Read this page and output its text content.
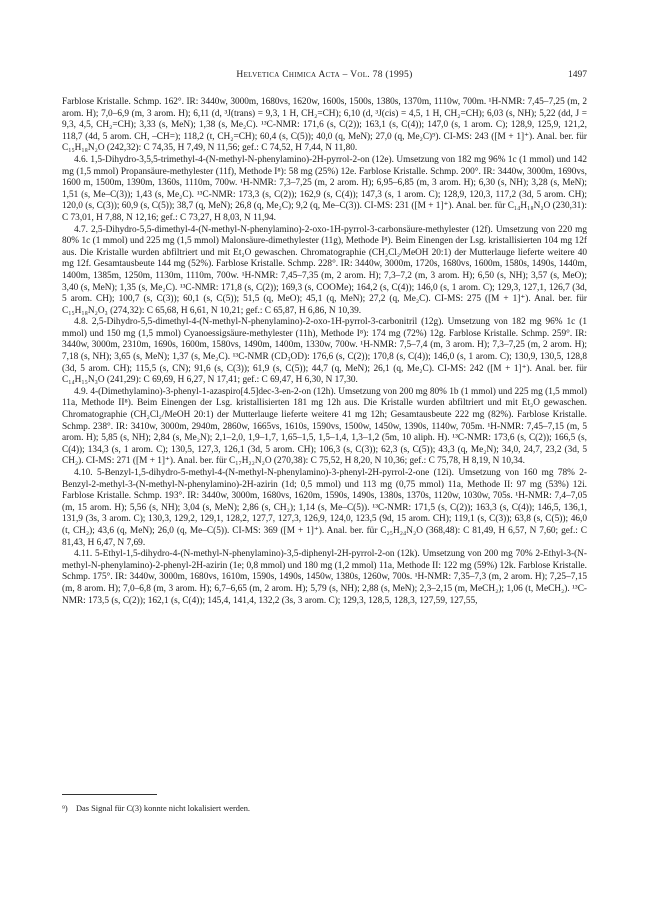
Helvetica Chimica Acta – Vol. 78 (1995)	1497

Farblose Kristalle. Schmp. 162°. IR: 3440w, 3000m, 1680vs, 1620w, 1600s, 1500s, 1380s, 1370m, 1110w, 700m. ¹H-NMR: 7,45–7,25 (m, 2 arom. H); 7,0–6,9 (m, 3 arom. H); 6,11 (d, ³J(trans) = 9,3, 1 H, CH₂=CH); 6,10 (d, ³J(cis) = 4,5, 1 H, CH₂=CH); 6,03 (s, NH); 5,22 (dd, J = 9,3, 4,5, CH₂=CH); 3,33 (s, MeN); 1,38 (s, Me₂C). ¹³C-NMR: 171,6 (s, C(2)); 163,1 (s, C(4)); 147,0 (s, 1 arom. C); 128,9, 125,9, 121,2, 118,7 (4d, 5 arom. CH, –CH=); 118,2 (t, CH₂=CH); 60,4 (s, C(5)); 40,0 (q, MeN); 27,0 (q, Me₂C)⁹). CI-MS: 243 ([M + 1]⁺). Anal. ber. für C₁₅H₁₈N₂O (242,32): C 74,35, H 7,49, N 11,56; gef.: C 74,52, H 7,44, N 11,80.

4.6. 1,5-Dihydro-3,5,5-trimethyl-4-(N-methyl-N-phenylamino)-2H-pyrrol-2-on (12e). Umsetzung von 182 mg 96% 1c (1 mmol) und 142 mg (1,5 mmol) Propansäure-methylester (11f), Methode I⁸): 58 mg (25%) 12e. Farblose Kristalle. Schmp. 200°. IR: 3440w, 3000m, 1690vs, 1600 m, 1500m, 1390m, 1360s, 1110m, 700w. ¹H-NMR: 7,3–7,25 (m, 2 arom. H); 6,95–6,85 (m, 3 arom. H); 6,30 (s, NH); 3,28 (s, MeN); 1,51 (s, Me–C(3)); 1,43 (s, Me₂C). ¹³C-NMR: 173,3 (s, C(2)); 162,9 (s, C(4)); 147,3 (s, 1 arom. C); 128,9, 120,3, 117,2 (3d, 5 arom. CH); 120,0 (s, C(3)); 60,9 (s, C(5)); 38,7 (q, MeN); 26,8 (q, Me₂C); 9,2 (q, Me–C(3)). CI-MS: 231 ([M + 1]⁺). Anal. ber. für C₁₄H₁₈N₂O (230,31): C 73,01, H 7,88, N 12,16; gef.: C 73,27, H 8,03, N 11,94.

4.7. 2,5-Dihydro-5,5-dimethyl-4-(N-methyl-N-phenylamino)-2-oxo-1H-pyrrol-3-carbonsäure-methylester (12f). Umsetzung von 220 mg 80% 1c (1 mmol) und 225 mg (1,5 mmol) Malonsäure-dimethylester (11g), Methode I⁸). Beim Einengen der Lsg. kristallisierten 104 mg 12f aus. Die Kristalle wurden abfiltriert und mit Et₂O gewaschen. Chromatographie (CH₂Cl₂/MeOH 20:1) der Mutterlauge lieferte weitere 40 mg 12f. Gesamtausbeute 144 mg (52%). Farblose Kristalle. Schmp. 228°. IR: 3440w, 3000m, 1720s, 1680vs, 1600m, 1580s, 1490s, 1440m, 1400m, 1385m, 1250m, 1130m, 1110m, 700w. ¹H-NMR: 7,45–7,35 (m, 2 arom. H); 7,3–7,2 (m, 3 arom. H); 6,50 (s, NH); 3,57 (s, MeO); 3,40 (s, MeN); 1,35 (s, Me₂C). ¹³C-NMR: 171,8 (s, C(2)); 169,3 (s, COOMe); 164,2 (s, C(4)); 146,0 (s, 1 arom. C); 129,3, 127,1, 126,7 (3d, 5 arom. CH); 100,7 (s, C(3)); 60,1 (s, C(5)); 51,5 (q, MeO); 45,1 (q, MeN); 27,2 (q, Me₂C). CI-MS: 275 ([M + 1]⁺). Anal. ber. für C₁₅H₁₈N₂O₃ (274,32): C 65,68, H 6,61, N 10,21; gef.: C 65,87, H 6,86, N 10,39.

4.8. 2,5-Dihydro-5,5-dimethyl-4-(N-methyl-N-phenylamino)-2-oxo-1H-pyrrol-3-carbonitril (12g). Umsetzung von 182 mg 96% 1c (1 mmol) und 150 mg (1,5 mmol) Cyanoessigsäure-methylester (11h), Methode I⁸): 174 mg (72%) 12g. Farblose Kristalle. Schmp. 259°. IR: 3440w, 3000m, 2310m, 1690s, 1600m, 1580vs, 1490m, 1400m, 1330w, 700w. ¹H-NMR: 7,5–7,4 (m, 3 arom. H); 7,3–7,25 (m, 2 arom. H); 7,18 (s, NH); 3,65 (s, MeN); 1,37 (s, Me₂C). ¹³C-NMR (CD₃OD): 176,6 (s, C(2)); 170,8 (s, C(4)); 146,0 (s, 1 arom. C); 130,9, 130,5, 128,8 (3d, 5 arom. CH); 115,5 (s, CN); 91,6 (s, C(3)); 61,9 (s, C(5)); 44,7 (q, MeN); 26,1 (q, Me₂C). CI-MS: 242 ([M + 1]⁺). Anal. ber. für C₁₄H₁₅N₃O (241,29): C 69,69, H 6,27, N 17,41; gef.: C 69,47, H 6,30, N 17,30.

4.9. 4-(Dimethylamino)-3-phenyl-1-azaspiro[4.5]dec-3-en-2-on (12h). Umsetzung von 200 mg 80% 1b (1 mmol) und 225 mg (1,5 mmol) 11a, Methode II⁸). Beim Einengen der Lsg. kristallisierten 181 mg 12h aus. Die Kristalle wurden abfiltriert und mit Et₂O gewaschen. Chromatographie (CH₂Cl₂/MeOH 20:1) der Mutterlauge lieferte weitere 41 mg 12h; Gesamtausbeute 222 mg (82%). Farblose Kristalle. Schmp. 238°. IR: 3410w, 3000m, 2940m, 2860w, 1665vs, 1610s, 1590vs, 1500w, 1450w, 1390s, 1140w, 705m. ¹H-NMR: 7,45–7,15 (m, 5 arom. H); 5,85 (s, NH); 2,84 (s, Me₂N); 2,1–2,0, 1,9–1,7, 1,65–1,5, 1,5–1,4, 1,3–1,2 (5m, 10 aliph. H). ¹³C-NMR: 173,6 (s, C(2)); 166,5 (s, C(4)); 134,3 (s, 1 arom. C); 130,5, 127,3, 126,1 (3d, 5 arom. CH); 106,3 (s, C(3)); 62,3 (s, C(5)); 43,3 (q, Me₂N); 34,0, 24,7, 23,2 (3d, 5 CH₂). CI-MS: 271 ([M + 1]⁺). Anal. ber. für C₁₇H₂₂N₂O (270,38): C 75,52, H 8,20, N 10,36; gef.: C 75,78, H 8,19, N 10,34.

4.10. 5-Benzyl-1,5-dihydro-5-methyl-4-(N-methyl-N-phenylamino)-3-phenyl-2H-pyrrol-2-one (12i). Umsetzung von 160 mg 78% 2-Benzyl-2-methyl-3-(N-methyl-N-phenylamino)-2H-azirin (1d; 0,5 mmol) und 113 mg (0,75 mmol) 11a, Methode II: 97 mg (53%) 12i. Farblose Kristalle. Schmp. 193°. IR: 3440w, 3000m, 1680vs, 1620m, 1590s, 1490s, 1380s, 1370s, 1120w, 1030w, 705s. ¹H-NMR: 7,4–7,05 (m, 15 arom. H); 5,56 (s, NH); 3,04 (s, MeN); 2,86 (s, CH₂); 1,14 (s, Me–C(5)). ¹³C-NMR: 171,5 (s, C(2)); 163,3 (s, C(4)); 146,5, 136,1, 131,9 (3s, 3 arom. C); 130,3, 129,2, 129,1, 128,2, 127,7, 127,3, 126,9, 124,0, 123,5 (9d, 15 arom. CH); 119,1 (s, C(3)); 63,8 (s, C(5)); 46,0 (t, CH₂); 43,6 (q, MeN); 26,0 (q, Me–C(5)). CI-MS: 369 ([M + 1]⁺). Anal. ber. für C₂₅H₂₄N₂O (368,48): C 81,49, H 6,57, N 7,60; gef.: C 81,43, H 6,47, N 7,69.

4.11. 5-Ethyl-1,5-dihydro-4-(N-methyl-N-phenylamino)-3,5-diphenyl-2H-pyrrol-2-on (12k). Umsetzung von 200 mg 70% 2-Ethyl-3-(N-methyl-N-phenylamino)-2-phenyl-2H-azirin (1e; 0,8 mmol) und 180 mg (1,2 mmol) 11a, Methode II: 122 mg (59%) 12k. Farblose Kristalle. Schmp. 175°. IR: 3440w, 3000m, 1680vs, 1610m, 1590s, 1490s, 1450w, 1380s, 1260w, 700s. ¹H-NMR: 7,35–7,3 (m, 2 arom. H); 7,25–7,15 (m, 8 arom. H); 7,0–6,8 (m, 3 arom. H); 6,7–6,65 (m, 2 arom. H); 5,79 (s, NH); 2,88 (s, MeN); 2,3–2,15 (m, MeCH₂); 1,06 (t, MeCH₂). ¹³C-NMR: 173,5 (s, C(2)); 162,1 (s, C(4)); 145,4, 141,4, 132,2 (3s, 3 arom. C); 129,3, 128,5, 128,3, 127,59, 127,55,

⁹) Das Signal für C(3) konnte nicht lokalisiert werden.
